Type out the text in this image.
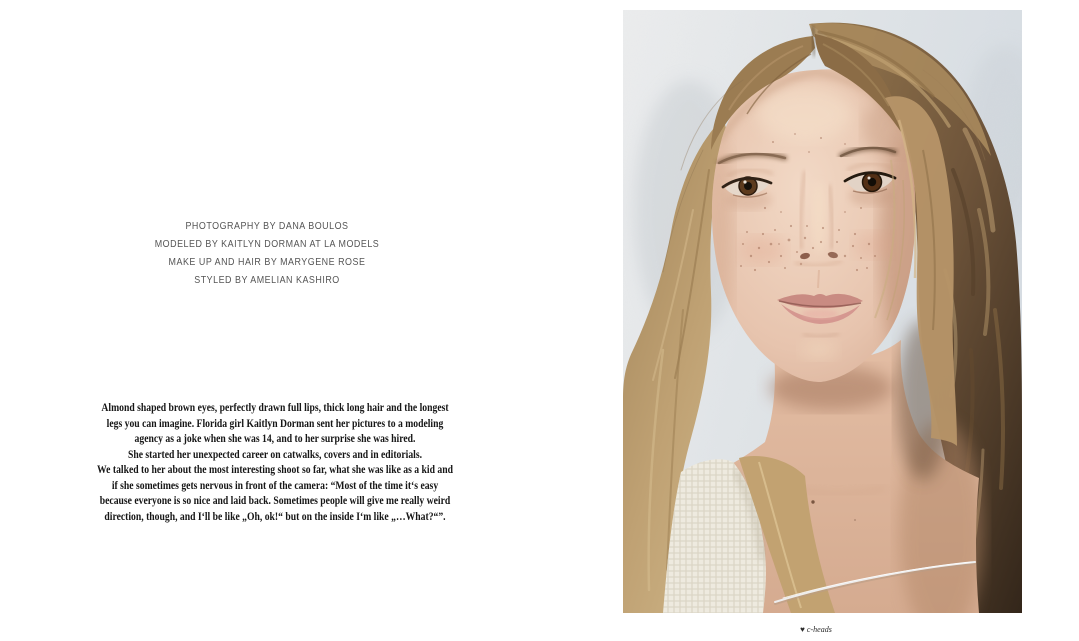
PHOTOGRAPHY BY DANA BOULOS
MODELED BY KAITLYN DORMAN AT LA MODELS
MAKE UP AND HAIR BY MARYGENE ROSE
STYLED BY AMELIAN KASHIRO
Almond shaped brown eyes, perfectly drawn full lips, thick long hair and the longest
legs you can imagine. Florida girl Kaitlyn Dorman sent her pictures to a modeling
agency as a joke when she was 14, and to her surprise she was hired.
She started her unexpected career on catwalks, covers and in editorials.
We talked to her about the most interesting shoot so far, what she was like as a kid and
if she sometimes gets nervous in front of the camera: “Most of the time it‘s easy
because everyone is so nice and laid back. Sometimes people will give me really weird
direction, though, and I‘ll be like „Oh, ok!“ but on the inside I‘m like „…What?“”.
♥ c-heads
